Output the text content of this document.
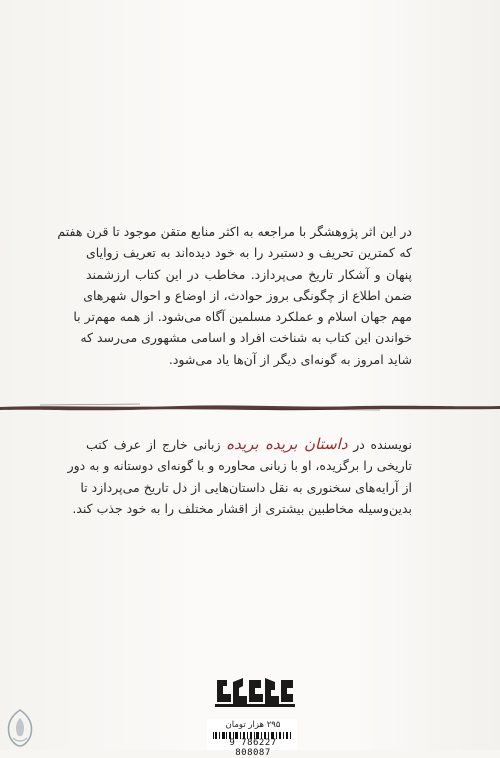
در این اثر پژوهشگر با مراجعه به اکثر منابع متقن موجود تا قرن هفتم
که کمترین تحریف و دستبرد را به خود دیده‌اند به تعریف زوایای
پنهان و آشکار تاریخ می‌پردازد. مخاطب در این کتاب ارزشمند
ضمن اطلاع از چگونگی بروز حوادث، از اوضاع و احوال شهرهای
مهم جهان اسلام و عملکرد مسلمین آگاه می‌شود. از همه مهم‌تر با
خواندن این کتاب به شناخت افراد و اسامی مشهوری می‌رسد که
شاید امروز به گونه‌ای دیگر از آن‌ها یاد می‌شود.
نویسنده در داستان بریده بریده زبانی خارج از عرف کتب
تاریخی را برگزیده، او با زبانی محاوره و با گونه‌ای دوستانه و به دور
از آرایه‌های سخنوری به نقل داستان‌هایی از دل تاریخ می‌پردازد تا
بدین‌وسیله مخاطبین بیشتری از اقشار مختلف را به خود جذب کند.
۲۹۵ هزار تومان
9 786227 808087
